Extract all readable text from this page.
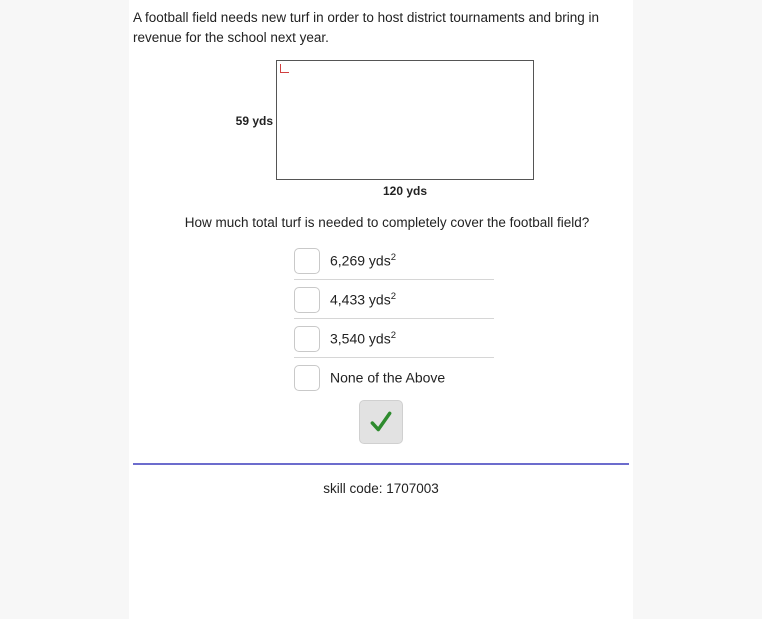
A football field needs new turf in order to host district tournaments and bring in revenue for the school next year.
59 yds
120 yds
How much total turf is needed to completely cover the football field?
6,269 yds$^2$
4,433 yds$^2$
3,540 yds$^2$
None of the Above
skill code: 1707003
